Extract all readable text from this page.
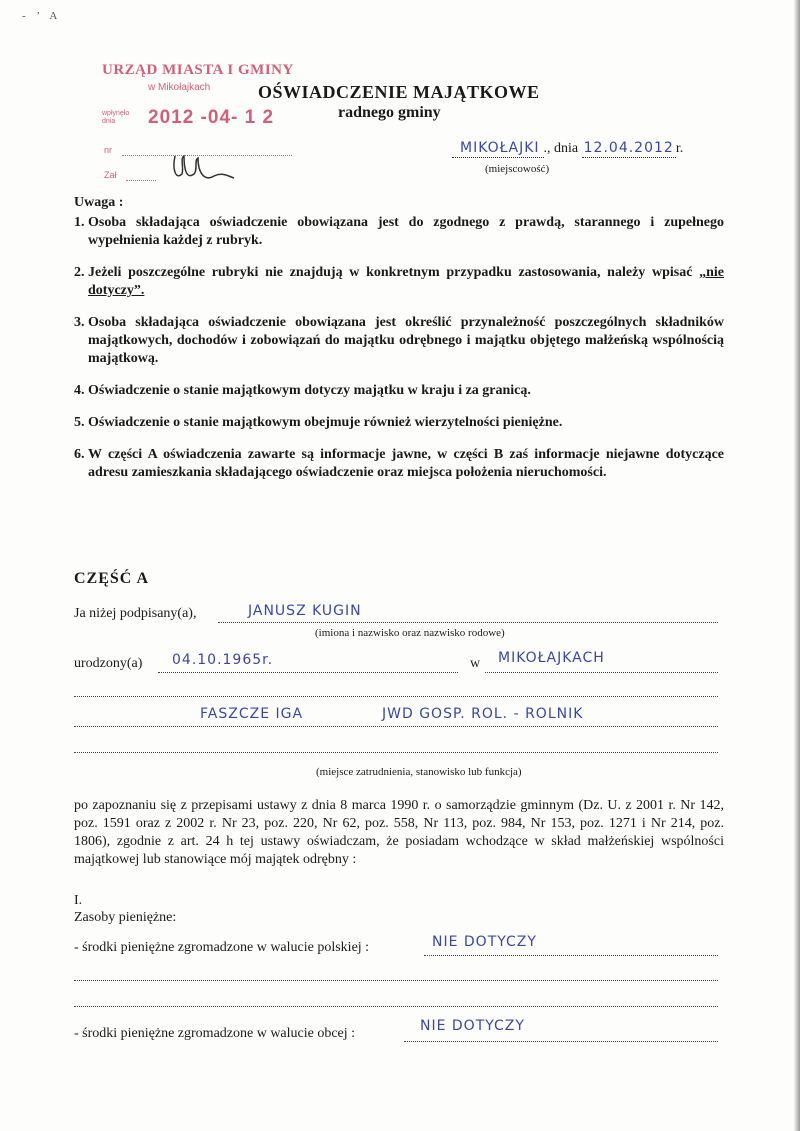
- ’ A
URZĄD MIASTA I GMINY
w Mikołajkach
wpłynęło dnia	2012 -04- 1 2
nr
Zał
OŚWIADCZENIE MAJĄTKOWE
radnego gminy
MIKOŁAJKI ., dnia 12.04.2012 r.
(miejscowość)
Uwaga :
1. Osoba składająca oświadczenie obowiązana jest do zgodnego z prawdą, starannego i zupełnego wypełnienia każdej z rubryk.
2. Jeżeli poszczególne rubryki nie znajdują w konkretnym przypadku zastosowania, należy wpisać „nie dotyczy”.
3. Osoba składająca oświadczenie obowiązana jest określić przynależność poszczególnych składników majątkowych, dochodów i zobowiązań do majątku odrębnego i majątku objętego małżeńską wspólnością majątkową.
4. Oświadczenie o stanie majątkowym dotyczy majątku w kraju i za granicą.
5. Oświadczenie o stanie majątkowym obejmuje również wierzytelności pieniężne.
6. W części A oświadczenia zawarte są informacje jawne, w części B zaś informacje niejawne dotyczące adresu zamieszkania składającego oświadczenie oraz miejsca położenia nieruchomości.
CZĘŚĆ A
Ja niżej podpisany(a),	JANUSZ KUGIN
(imiona i nazwisko oraz nazwisko rodowe)
urodzony(a) 04.10.1965r.	w MIKOŁAJKACH
FASZCZE IGA	JWD GOSP. ROL. - ROLNIK
(miejsce zatrudnienia, stanowisko lub funkcja)
po zapoznaniu się z przepisami ustawy z dnia 8 marca 1990 r. o samorządzie gminnym (Dz. U. z 2001 r. Nr 142, poz. 1591 oraz z 2002 r. Nr 23, poz. 220, Nr 62, poz. 558, Nr 113, poz. 984, Nr 153, poz. 1271 i Nr 214, poz. 1806), zgodnie z art. 24 h tej ustawy oświadczam, że posiadam wchodzące w skład małżeńskiej wspólności majątkowej lub stanowiące mój majątek odrębny :
I.
Zasoby pieniężne:
- środki pieniężne zgromadzone w walucie polskiej :	NIE DOTYCZY
- środki pieniężne zgromadzone w walucie obcej :	NIE DOTYCZY
